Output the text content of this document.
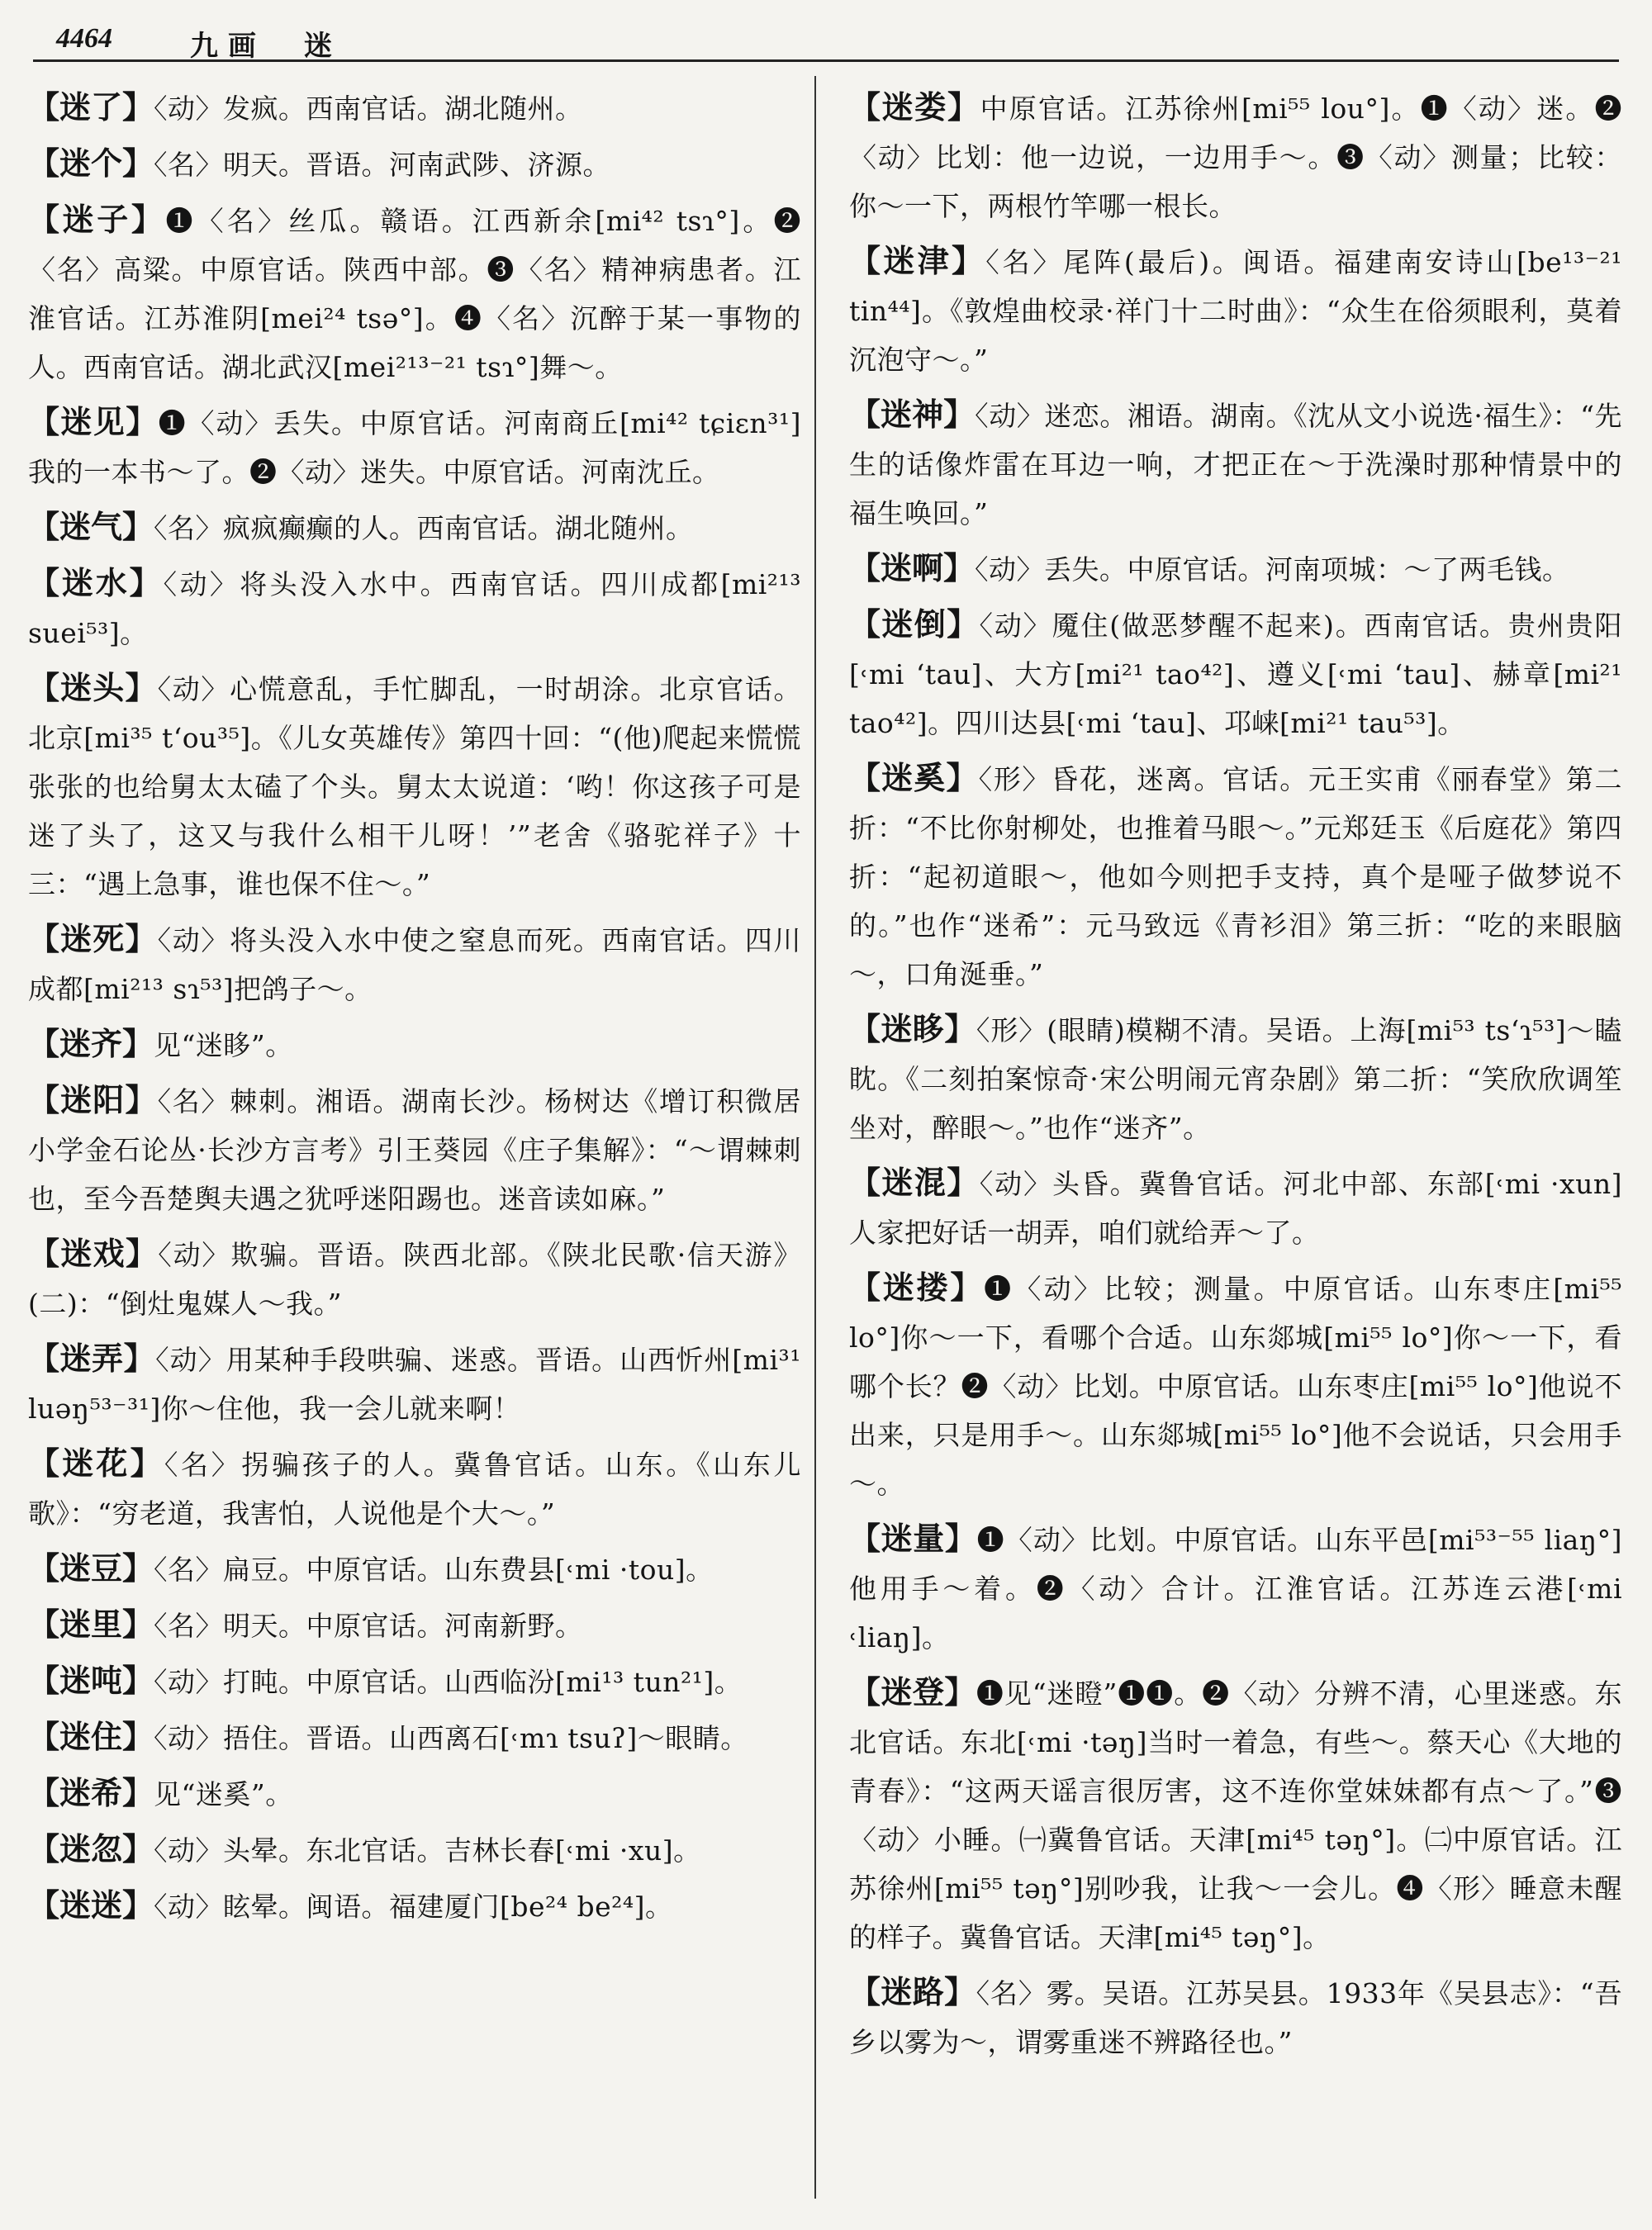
4464	九画　迷

【迷了】〈动〉发疯。西南官话。湖北随州。

【迷个】〈名〉明天。晋语。河南武陟、济源。

【迷子】❶〈名〉丝瓜。赣语。江西新余[mi⁴² tsɿ°]。❷〈名〉高粱。中原官话。陕西中部。❸〈名〉精神病患者。江淮官话。江苏淮阴[mei²⁴ tsə°]。❹〈名〉沉醉于某一事物的人。西南官话。湖北武汉[mei²¹³⁻²¹ tsɿ°]舞～。

【迷见】❶〈动〉丢失。中原官话。河南商丘[mi⁴² tɕiɛn³¹]我的一本书～了。❷〈动〉迷失。中原官话。河南沈丘。

【迷气】〈名〉疯疯癫癫的人。西南官话。湖北随州。

【迷水】〈动〉将头没入水中。西南官话。四川成都[mi²¹³ suei⁵³]。

【迷头】〈动〉心慌意乱，手忙脚乱，一时胡涂。北京官话。北京[mi³⁵ tʻou³⁵]。《儿女英雄传》第四十回：“(他)爬起来慌慌张张的也给舅太太磕了个头。舅太太说道：‘哟！你这孩子可是迷了头了，这又与我什么相干儿呀！’”老舍《骆驼祥子》十三：“遇上急事，谁也保不住～。”

【迷死】〈动〉将头没入水中使之窒息而死。西南官话。四川成都[mi²¹³ sɿ⁵³]把鸽子～。

【迷齐】见“迷眵”。

【迷阳】〈名〉棘刺。湘语。湖南长沙。杨树达《增订积微居小学金石论丛·长沙方言考》引王葵园《庄子集解》：“～谓棘刺也，至今吾楚舆夫遇之犹呼迷阳踢也。迷音读如麻。”

【迷戏】〈动〉欺骗。晋语。陕西北部。《陕北民歌·信天游》(二)：“倒灶鬼媒人～我。”

【迷弄】〈动〉用某种手段哄骗、迷惑。晋语。山西忻州[mi³¹ luəŋ⁵³⁻³¹]你～住他，我一会儿就来啊！

【迷花】〈名〉拐骗孩子的人。冀鲁官话。山东。《山东儿歌》：“穷老道，我害怕，人说他是个大～。”

【迷豆】〈名〉扁豆。中原官话。山东费县[˓mi ·tou]。

【迷里】〈名〉明天。中原官话。河南新野。

【迷吨】〈动〉打盹。中原官话。山西临汾[mi¹³ tun²¹]。

【迷住】〈动〉捂住。晋语。山西离石[˓mɿ tsuʔ]～眼睛。

【迷希】见“迷奚”。

【迷忽】〈动〉头晕。东北官话。吉林长春[˓mi ·xu]。

【迷迷】〈动〉眩晕。闽语。福建厦门[be²⁴ be²⁴]。

【迷娄】中原官话。江苏徐州[mi⁵⁵ lou°]。❶〈动〉迷。❷〈动〉比划：他一边说，一边用手～。❸〈动〉测量；比较：你～一下，两根竹竿哪一根长。

【迷津】〈名〉尾阵(最后)。闽语。福建南安诗山[be¹³⁻²¹ tin⁴⁴]。《敦煌曲校录·祥门十二时曲》：“众生在俗须眼利，莫着沉泡守～。”

【迷神】〈动〉迷恋。湘语。湖南。《沈从文小说选·福生》：“先生的话像炸雷在耳边一响，才把正在～于洗澡时那种情景中的福生唤回。”

【迷啊】〈动〉丢失。中原官话。河南项城：～了两毛钱。

【迷倒】〈动〉魇住(做恶梦醒不起来)。西南官话。贵州贵阳[˓mi ʻtau]、大方[mi²¹ tao⁴²]、遵义[˓mi ʻtau]、赫章[mi²¹ tao⁴²]。四川达县[˓mi ʻtau]、邛崃[mi²¹ tau⁵³]。

【迷奚】〈形〉昏花，迷离。官话。元王实甫《丽春堂》第二折：“不比你射柳处，也推着马眼～。”元郑廷玉《后庭花》第四折：“起初道眼～，他如今则把手支持，真个是哑子做梦说不的。”也作“迷希”：元马致远《青衫泪》第三折：“吃的来眼脑～，口角涎垂。”

【迷眵】〈形〉(眼睛)模糊不清。吴语。上海[mi⁵³ tsʻɿ⁵³]～瞌眈。《二刻拍案惊奇·宋公明闹元宵杂剧》第二折：“笑欣欣调笙坐对，醉眼～。”也作“迷齐”。

【迷混】〈动〉头昏。冀鲁官话。河北中部、东部[˓mi ·xun]人家把好话一胡弄，咱们就给弄～了。

【迷搂】❶〈动〉比较；测量。中原官话。山东枣庄[mi⁵⁵ lo°]你～一下，看哪个合适。山东郯城[mi⁵⁵ lo°]你～一下，看哪个长？❷〈动〉比划。中原官话。山东枣庄[mi⁵⁵ lo°]他说不出来，只是用手～。山东郯城[mi⁵⁵ lo°]他不会说话，只会用手～。

【迷量】❶〈动〉比划。中原官话。山东平邑[mi⁵³⁻⁵⁵ liaŋ°]他用手～着。❷〈动〉合计。江淮官话。江苏连云港[˓mi ˓liaŋ]。

【迷登】❶见“迷瞪”❶❶。❷〈动〉分辨不清，心里迷惑。东北官话。东北[˓mi ·təŋ]当时一着急，有些～。蔡天心《大地的青春》：“这两天谣言很厉害，这不连你堂妹妹都有点～了。”❸〈动〉小睡。㈠冀鲁官话。天津[mi⁴⁵ təŋ°]。㈡中原官话。江苏徐州[mi⁵⁵ təŋ°]别吵我，让我～一会儿。❹〈形〉睡意未醒的样子。冀鲁官话。天津[mi⁴⁵ təŋ°]。

【迷路】〈名〉雾。吴语。江苏吴县。1933年《吴县志》：“吾乡以雾为～，谓雾重迷不辨路径也。”
